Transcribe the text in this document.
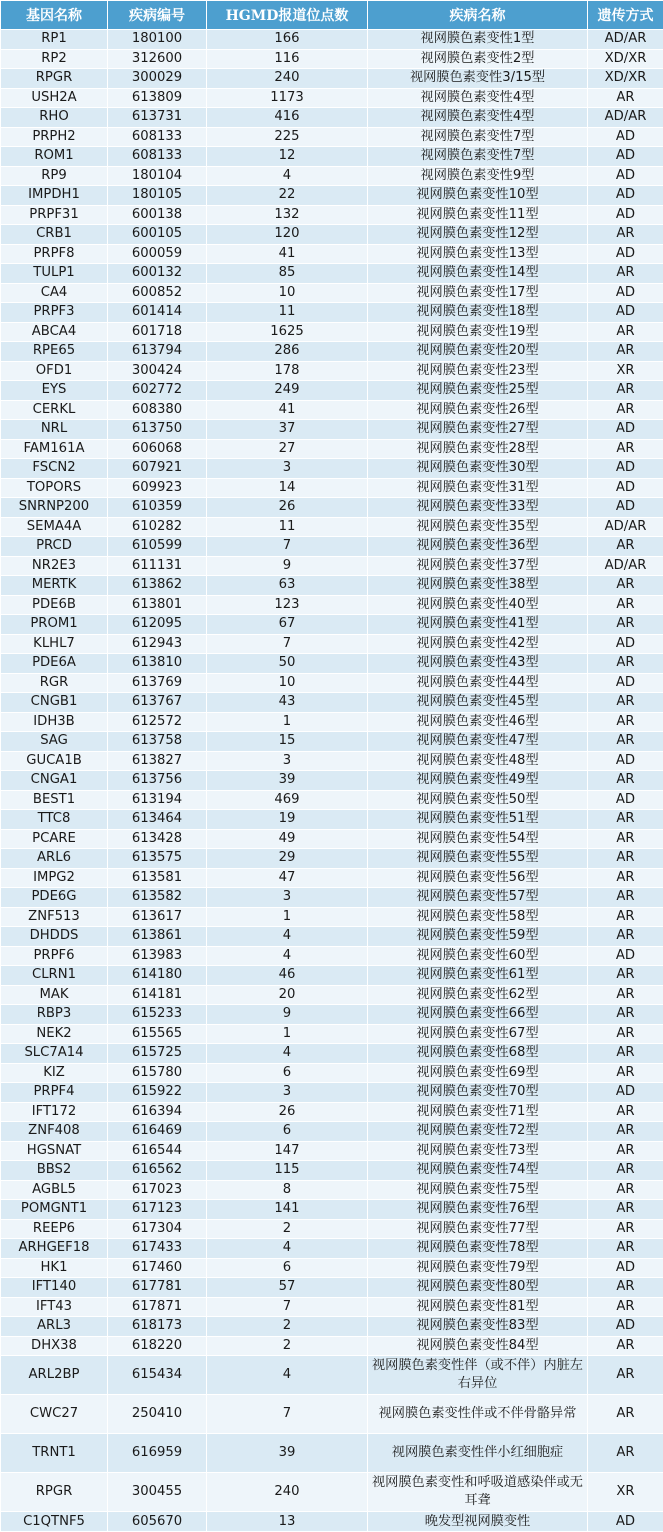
基因名称	疾病编号	HGMD报道位点数	疾病名称	遗传方式
RP1	180100	166	视网膜色素变性1型	AD/AR
RP2	312600	116	视网膜色素变性2型	XD/XR
RPGR	300029	240	视网膜色素变性3/15型	XD/XR
USH2A	613809	1173	视网膜色素变性4型	AR
RHO	613731	416	视网膜色素变性4型	AD/AR
PRPH2	608133	225	视网膜色素变性7型	AD
ROM1	608133	12	视网膜色素变性7型	AD
RP9	180104	4	视网膜色素变性9型	AD
IMPDH1	180105	22	视网膜色素变性10型	AD
PRPF31	600138	132	视网膜色素变性11型	AD
CRB1	600105	120	视网膜色素变性12型	AR
PRPF8	600059	41	视网膜色素变性13型	AD
TULP1	600132	85	视网膜色素变性14型	AR
CA4	600852	10	视网膜色素变性17型	AD
PRPF3	601414	11	视网膜色素变性18型	AD
ABCA4	601718	1625	视网膜色素变性19型	AR
RPE65	613794	286	视网膜色素变性20型	AR
OFD1	300424	178	视网膜色素变性23型	XR
EYS	602772	249	视网膜色素变性25型	AR
CERKL	608380	41	视网膜色素变性26型	AR
NRL	613750	37	视网膜色素变性27型	AD
FAM161A	606068	27	视网膜色素变性28型	AR
FSCN2	607921	3	视网膜色素变性30型	AD
TOPORS	609923	14	视网膜色素变性31型	AD
SNRNP200	610359	26	视网膜色素变性33型	AD
SEMA4A	610282	11	视网膜色素变性35型	AD/AR
PRCD	610599	7	视网膜色素变性36型	AR
NR2E3	611131	9	视网膜色素变性37型	AD/AR
MERTK	613862	63	视网膜色素变性38型	AR
PDE6B	613801	123	视网膜色素变性40型	AR
PROM1	612095	67	视网膜色素变性41型	AR
KLHL7	612943	7	视网膜色素变性42型	AD
PDE6A	613810	50	视网膜色素变性43型	AR
RGR	613769	10	视网膜色素变性44型	AD
CNGB1	613767	43	视网膜色素变性45型	AR
IDH3B	612572	1	视网膜色素变性46型	AR
SAG	613758	15	视网膜色素变性47型	AR
GUCA1B	613827	3	视网膜色素变性48型	AD
CNGA1	613756	39	视网膜色素变性49型	AR
BEST1	613194	469	视网膜色素变性50型	AD
TTC8	613464	19	视网膜色素变性51型	AR
PCARE	613428	49	视网膜色素变性54型	AR
ARL6	613575	29	视网膜色素变性55型	AR
IMPG2	613581	47	视网膜色素变性56型	AR
PDE6G	613582	3	视网膜色素变性57型	AR
ZNF513	613617	1	视网膜色素变性58型	AR
DHDDS	613861	4	视网膜色素变性59型	AR
PRPF6	613983	4	视网膜色素变性60型	AD
CLRN1	614180	46	视网膜色素变性61型	AR
MAK	614181	20	视网膜色素变性62型	AR
RBP3	615233	9	视网膜色素变性66型	AR
NEK2	615565	1	视网膜色素变性67型	AR
SLC7A14	615725	4	视网膜色素变性68型	AR
KIZ	615780	6	视网膜色素变性69型	AR
PRPF4	615922	3	视网膜色素变性70型	AD
IFT172	616394	26	视网膜色素变性71型	AR
ZNF408	616469	6	视网膜色素变性72型	AR
HGSNAT	616544	147	视网膜色素变性73型	AR
BBS2	616562	115	视网膜色素变性74型	AR
AGBL5	617023	8	视网膜色素变性75型	AR
POMGNT1	617123	141	视网膜色素变性76型	AR
REEP6	617304	2	视网膜色素变性77型	AR
ARHGEF18	617433	4	视网膜色素变性78型	AR
HK1	617460	6	视网膜色素变性79型	AD
IFT140	617781	57	视网膜色素变性80型	AR
IFT43	617871	7	视网膜色素变性81型	AR
ARL3	618173	2	视网膜色素变性83型	AD
DHX38	618220	2	视网膜色素变性84型	AR
ARL2BP	615434	4	视网膜色素变性伴（或不伴）内脏左右异位	AR
CWC27	250410	7	视网膜色素变性伴或不伴骨骼异常	AR
TRNT1	616959	39	视网膜色素变性伴小红细胞症	AR
RPGR	300455	240	视网膜色素变性和呼吸道感染伴或无耳聋	XR
C1QTNF5	605670	13	晚发型视网膜变性	AD
